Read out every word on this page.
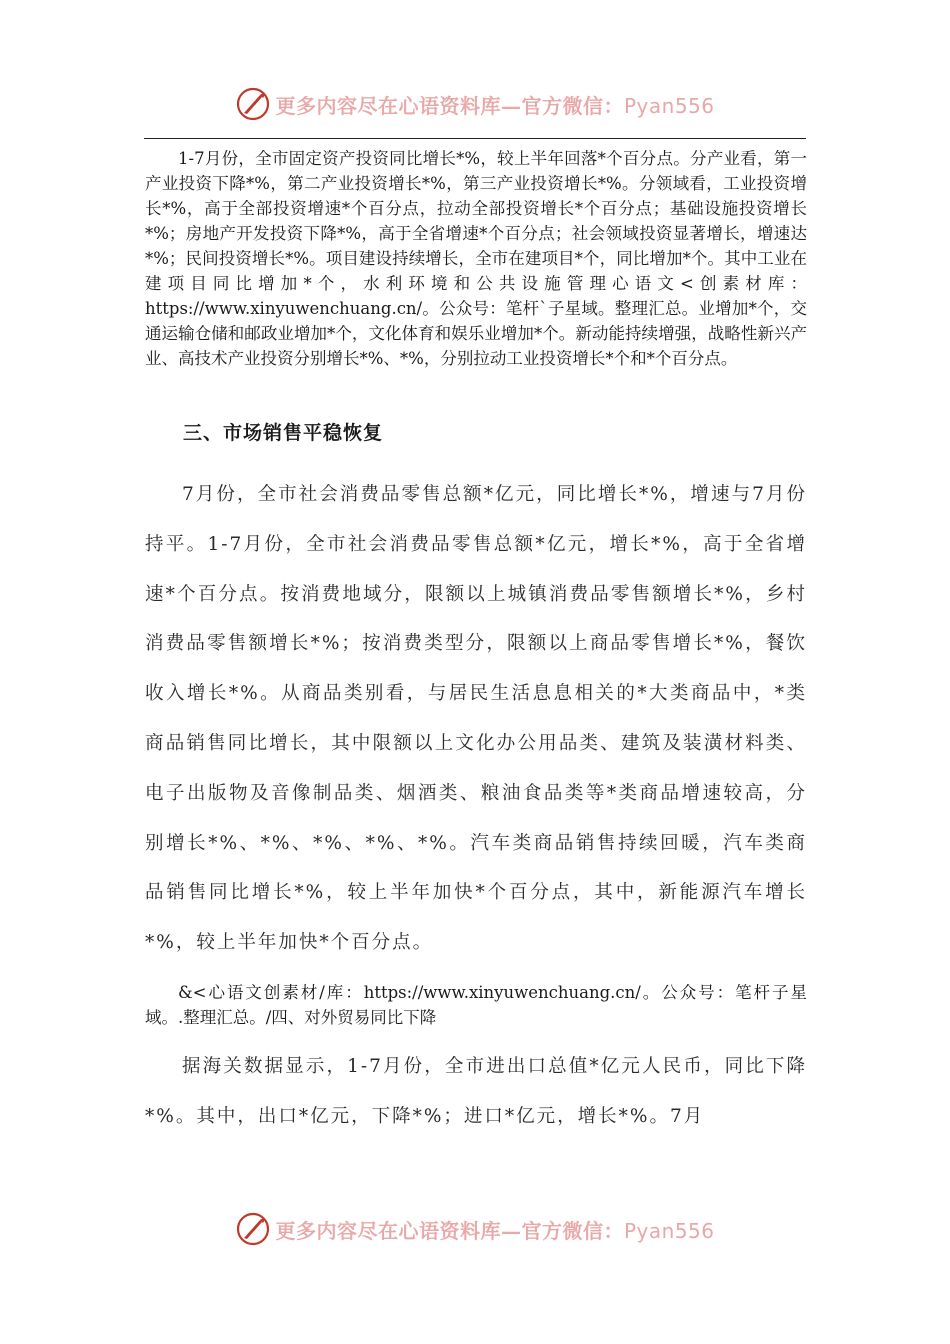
更多内容尽在心语资料库—官方微信：Pyan556

1-7月份，全市固定资产投资同比增长*%，较上半年回落*个百分点。分产业看，第一产业投资下降*%，第二产业投资增长*%，第三产业投资增长*%。分领域看，工业投资增长*%，高于全部投资增速*个百分点，拉动全部投资增长*个百分点；基础设施投资增长*%；房地产开发投资下降*%，高于全省增速*个百分点；社会领域投资显著增长，增速达*%；民间投资增长*%。项目建设持续增长，全市在建项目*个，同比增加*个。其中工业在建项目同比增加*个，水利环境和公共设施管理心语文<创素材库：https://www.xinyuwenchuang.cn/。公众号：笔杆`子星域。整理汇总。业增加*个，交通运输仓储和邮政业增加*个，文化体育和娱乐业增加*个。新动能持续增强，战略性新兴产业、高技术产业投资分别增长*%、*%，分别拉动工业投资增长*个和*个百分点。

三、市场销售平稳恢复

7月份，全市社会消费品零售总额*亿元，同比增长*%，增速与7月份持平。1-7月份，全市社会消费品零售总额*亿元，增长*%，高于全省增速*个百分点。按消费地域分，限额以上城镇消费品零售额增长*%，乡村消费品零售额增长*%；按消费类型分，限额以上商品零售增长*%，餐饮收入增长*%。从商品类别看，与居民生活息息相关的*大类商品中，*类商品销售同比增长，其中限额以上文化办公用品类、建筑及装潢材料类、电子出版物及音像制品类、烟酒类、粮油食品类等*类商品增速较高，分别增长*%、*%、*%、*%、*%。汽车类商品销售持续回暖，汽车类商品销售同比增长*%，较上半年加快*个百分点，其中，新能源汽车增长*%，较上半年加快*个百分点。

&<心语文创素材/库：https://www.xinyuwenchuang.cn/。公众号：笔杆子星域。.整理汇总。/四、对外贸易同比下降

据海关数据显示，1-7月份，全市进出口总值*亿元人民币，同比下降*%。其中，出口*亿元，下降*%；进口*亿元，增长*%。7月

更多内容尽在心语资料库—官方微信：Pyan556
